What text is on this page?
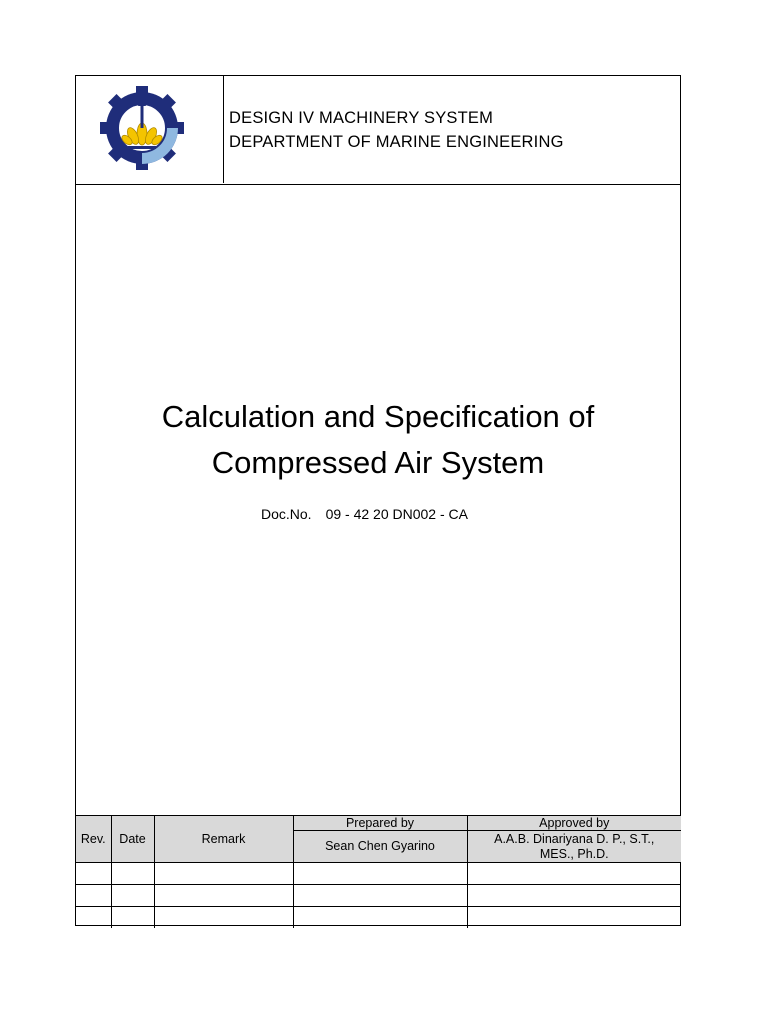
DESIGN IV MACHINERY SYSTEM
DEPARTMENT OF MARINE ENGINEERING
Calculation and Specification of
Compressed Air System
Doc.No. 09 - 42 20 DN002 - CA
Rev.	Date	Remark	Prepared by	Approved by
			Sean Chen Gyarino	A.A.B. Dinariyana D. P., S.T.,
MES., Ph.D.
